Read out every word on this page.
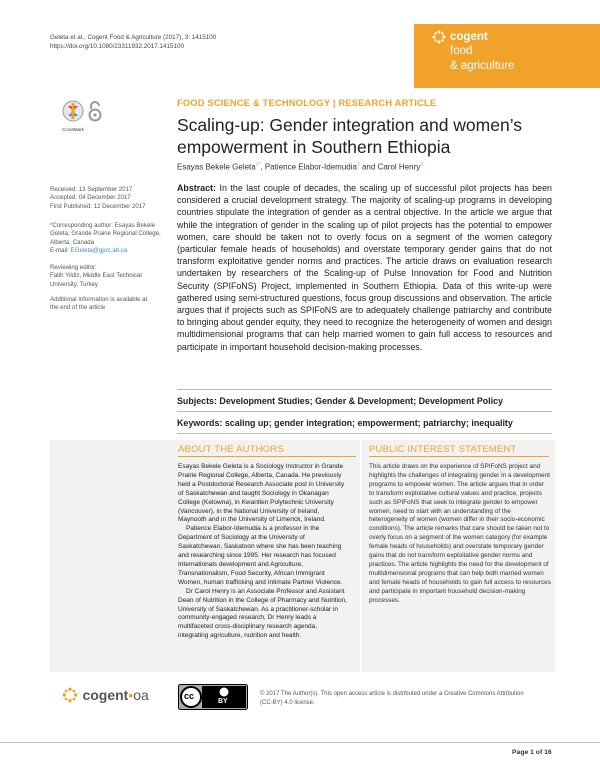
Geleta et al., Cogent Food & Agriculture (2017), 3: 1415100
https://doi.org/10.1080/23311932.2017.1415100
cogent
food
& agriculture
CrossMark
FOOD SCIENCE & TECHNOLOGY | RESEARCH ARTICLE
Scaling-up: Gender integration and women’s
empowerment in Southern Ethiopia
Esayas Bekele Geleta$^{1*}$, Patience Elabor-Idemudia$^2$ and Carol Henry$^3$
Received: 13 September 2017
Accepted: 04 December 2017
First Published: 12 December 2017
*Corresponding author: Esayas Bekele
Geleta, Grande Prairie Regional College,
Alberta, Canada
E-mail: EGeleta@gprc.ab.ca
Reviewing editor:
Fatih Yildiz, Middle East Technical
University, Turkey
Additional information is available at
the end of the article

Abstract: In the last couple of decades, the scaling up of successful pilot projects has been considered a crucial development strategy. The majority of scaling-up programs in developing countries stipulate the integration of gender as a central objective. In the article we argue that while the integration of gender in the scaling up of pilot projects has the potential to empower women, care should be taken not to overly focus on a segment of the women category (particular female heads of households) and overstate temporary gender gains that do not transform exploitative gender norms and practices. The article draws on evaluation research undertaken by researchers of the Scaling-up of Pulse Innovation for Food and Nutrition Security (SPIFoNS) Project, implemented in Southern Ethiopia. Data of this write-up were gathered using semi-structured questions, focus group discussions and observation. The article argues that if projects such as SPIFoNS are to adequately challenge patriarchy and contribute to bringing about gender equity, they need to recognize the heterogeneity of women and design multidimensional programs that can help married women to gain full access to resources and participate in important household decision-making processes.

Subjects: Development Studies; Gender & Development; Development Policy
Keywords: scaling up; gender integration; empowerment; patriarchy; inequality
ABOUT THE AUTHORS

Esayas Bekele Geleta is a Sociology Instructor in Grande Prairie Regional College, Alberta, Canada. He previously held a Postdoctoral Research Associate post in University of Saskatchewan and taught Sociology in Okanagan College (Kelowna), in Kwantlen Polytechnic University (Vancouver), in the National University of Ireland, Maynooth and in the University of Limerick, Ireland.

Patience Elabor-Idemudia is a professor in the Department of Sociology at the University of Saskatchewan, Saskatoon where she has been teaching and researching since 1995. Her research has focused Internationals development and Agriculture, Transnationalism, Food Security, African Immigrant Women, human trafficking and Intimate Partner Violence.

Dr Carol Henry is an Associate Professor and Assistant Dean of Nutrition in the College of Pharmacy and Nutrition, University of Saskatchewan. As a practitioner-scholar in community-engaged research, Dr Henry leads a multifaceted cross-disciplinary research agenda, integrating agriculture, nutrition and health.

PUBLIC INTEREST STATEMENT

This article draws on the experience of SPIFoNS project and highlights the challenges of integrating gender in a development programs to empower women. The article argues that in order to transform exploitative cultural values and practice, projects such as SPIFoNS that seek to integrate gender to empower women, need to start with an understanding of the heterogeneity of women (women differ in their socio-economic conditions). The article remarks that care should be taken not to overly focus on a segment of the women category (for example female heads of households) and overstate temporary gender gains that do not transform exploitative gender norms and practices. The article highlights the need for the development of multidimensional programs that can help both married women and female heads of households to gain full access to resources and participate in important household decision-making processes.

cogent•oa	cc
BY
© 2017 The Author(s). This open access article is distributed under a Creative Commons Attribution
(CC-BY) 4.0 license.
Page 1 of 16
